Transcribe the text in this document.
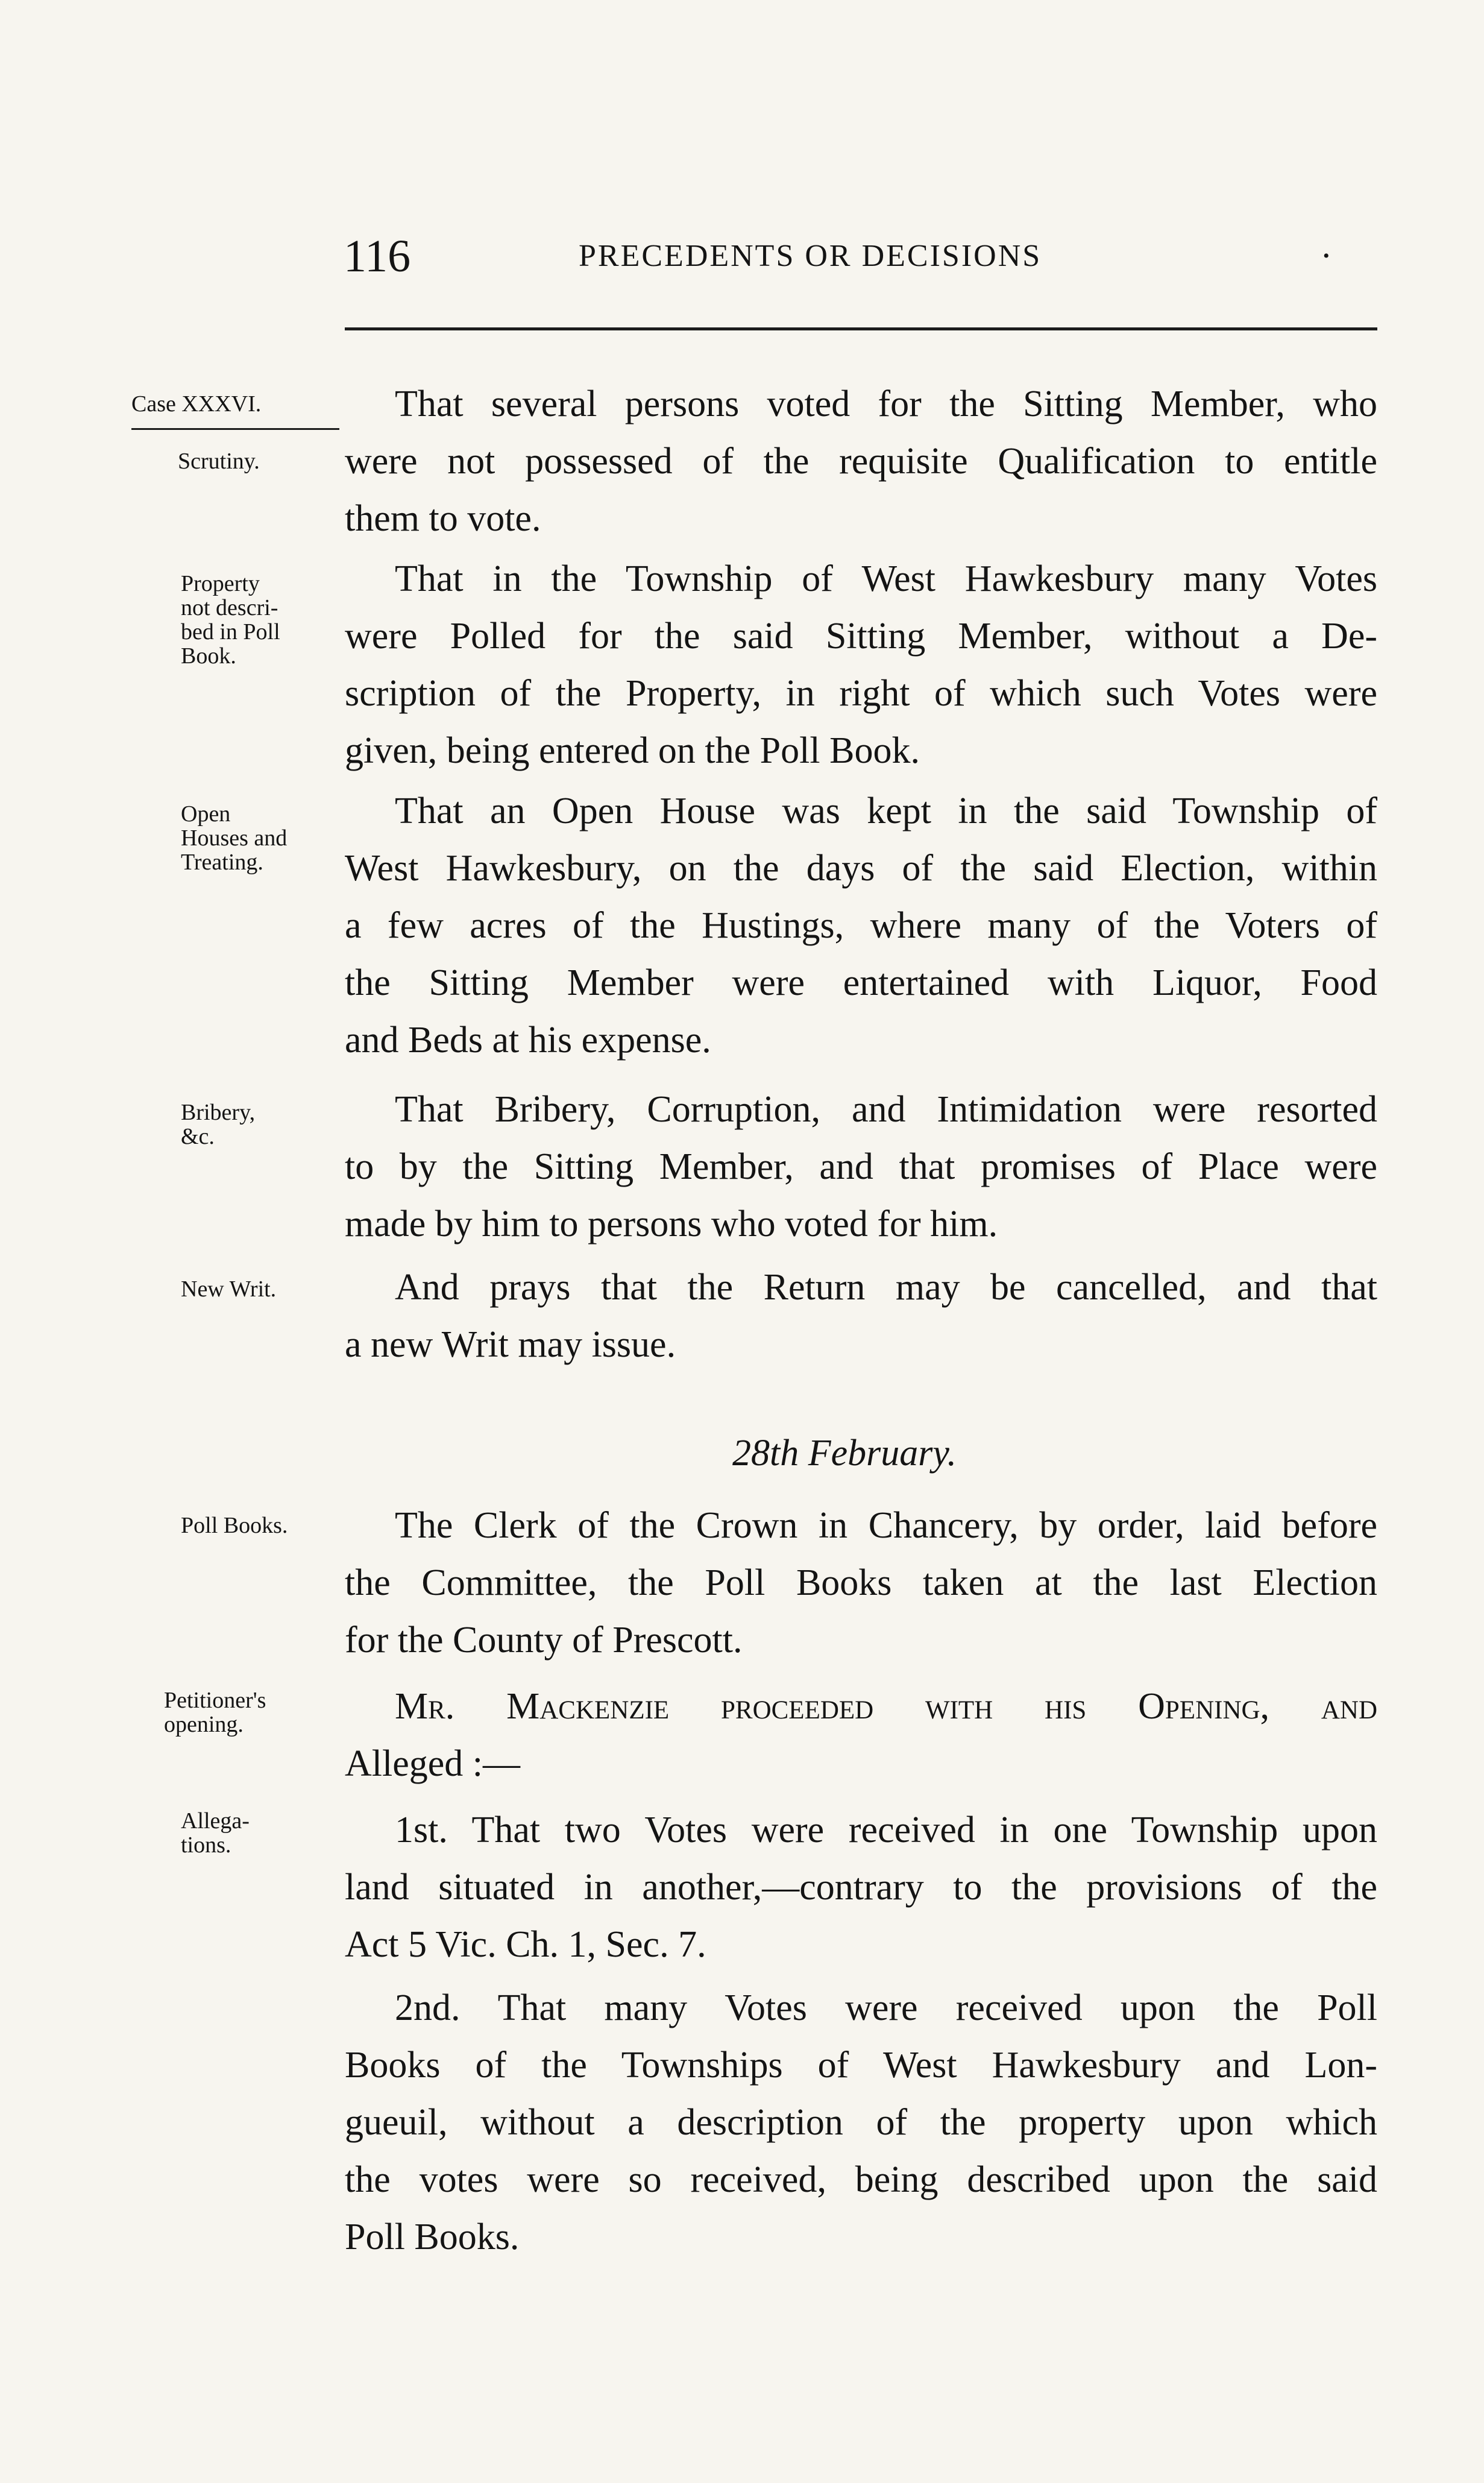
116	PRECEDENTS OR DECISIONS	•
Case XXXVI.
Scrutiny.
Property
not descri-
bed in Poll
Book.
Open
Houses and
Treating.
Bribery,
&c.
New Writ.
Poll Books.
Petitioner's
opening.
Allega-
tions.
That several persons voted for the Sitting Member, who
were not possessed of the requisite Qualification to entitle
them to vote.
That in the Township of West Hawkesbury many Votes
were Polled for the said Sitting Member, without a De-
scription of the Property, in right of which such Votes were
given, being entered on the Poll Book.
That an Open House was kept in the said Township of
West Hawkesbury, on the days of the said Election, within
a few acres of the Hustings, where many of the Voters of
the Sitting Member were entertained with Liquor, Food
and Beds at his expense.
That Bribery, Corruption, and Intimidation were resorted
to by the Sitting Member, and that promises of Place were
made by him to persons who voted for him.
And prays that the Return may be cancelled, and that
a new Writ may issue.
28th February.
The Clerk of the Crown in Chancery, by order, laid before
the Committee, the Poll Books taken at the last Election
for the County of Prescott.
Mr. Mackenzie proceeded with his Opening, and
Alleged :—
1st. That two Votes were received in one Township upon
land situated in another,—contrary to the provisions of the
Act 5 Vic. Ch. 1, Sec. 7.
2nd. That many Votes were received upon the Poll
Books of the Townships of West Hawkesbury and Lon-
gueuil, without a description of the property upon which
the votes were so received, being described upon the said
Poll Books.
